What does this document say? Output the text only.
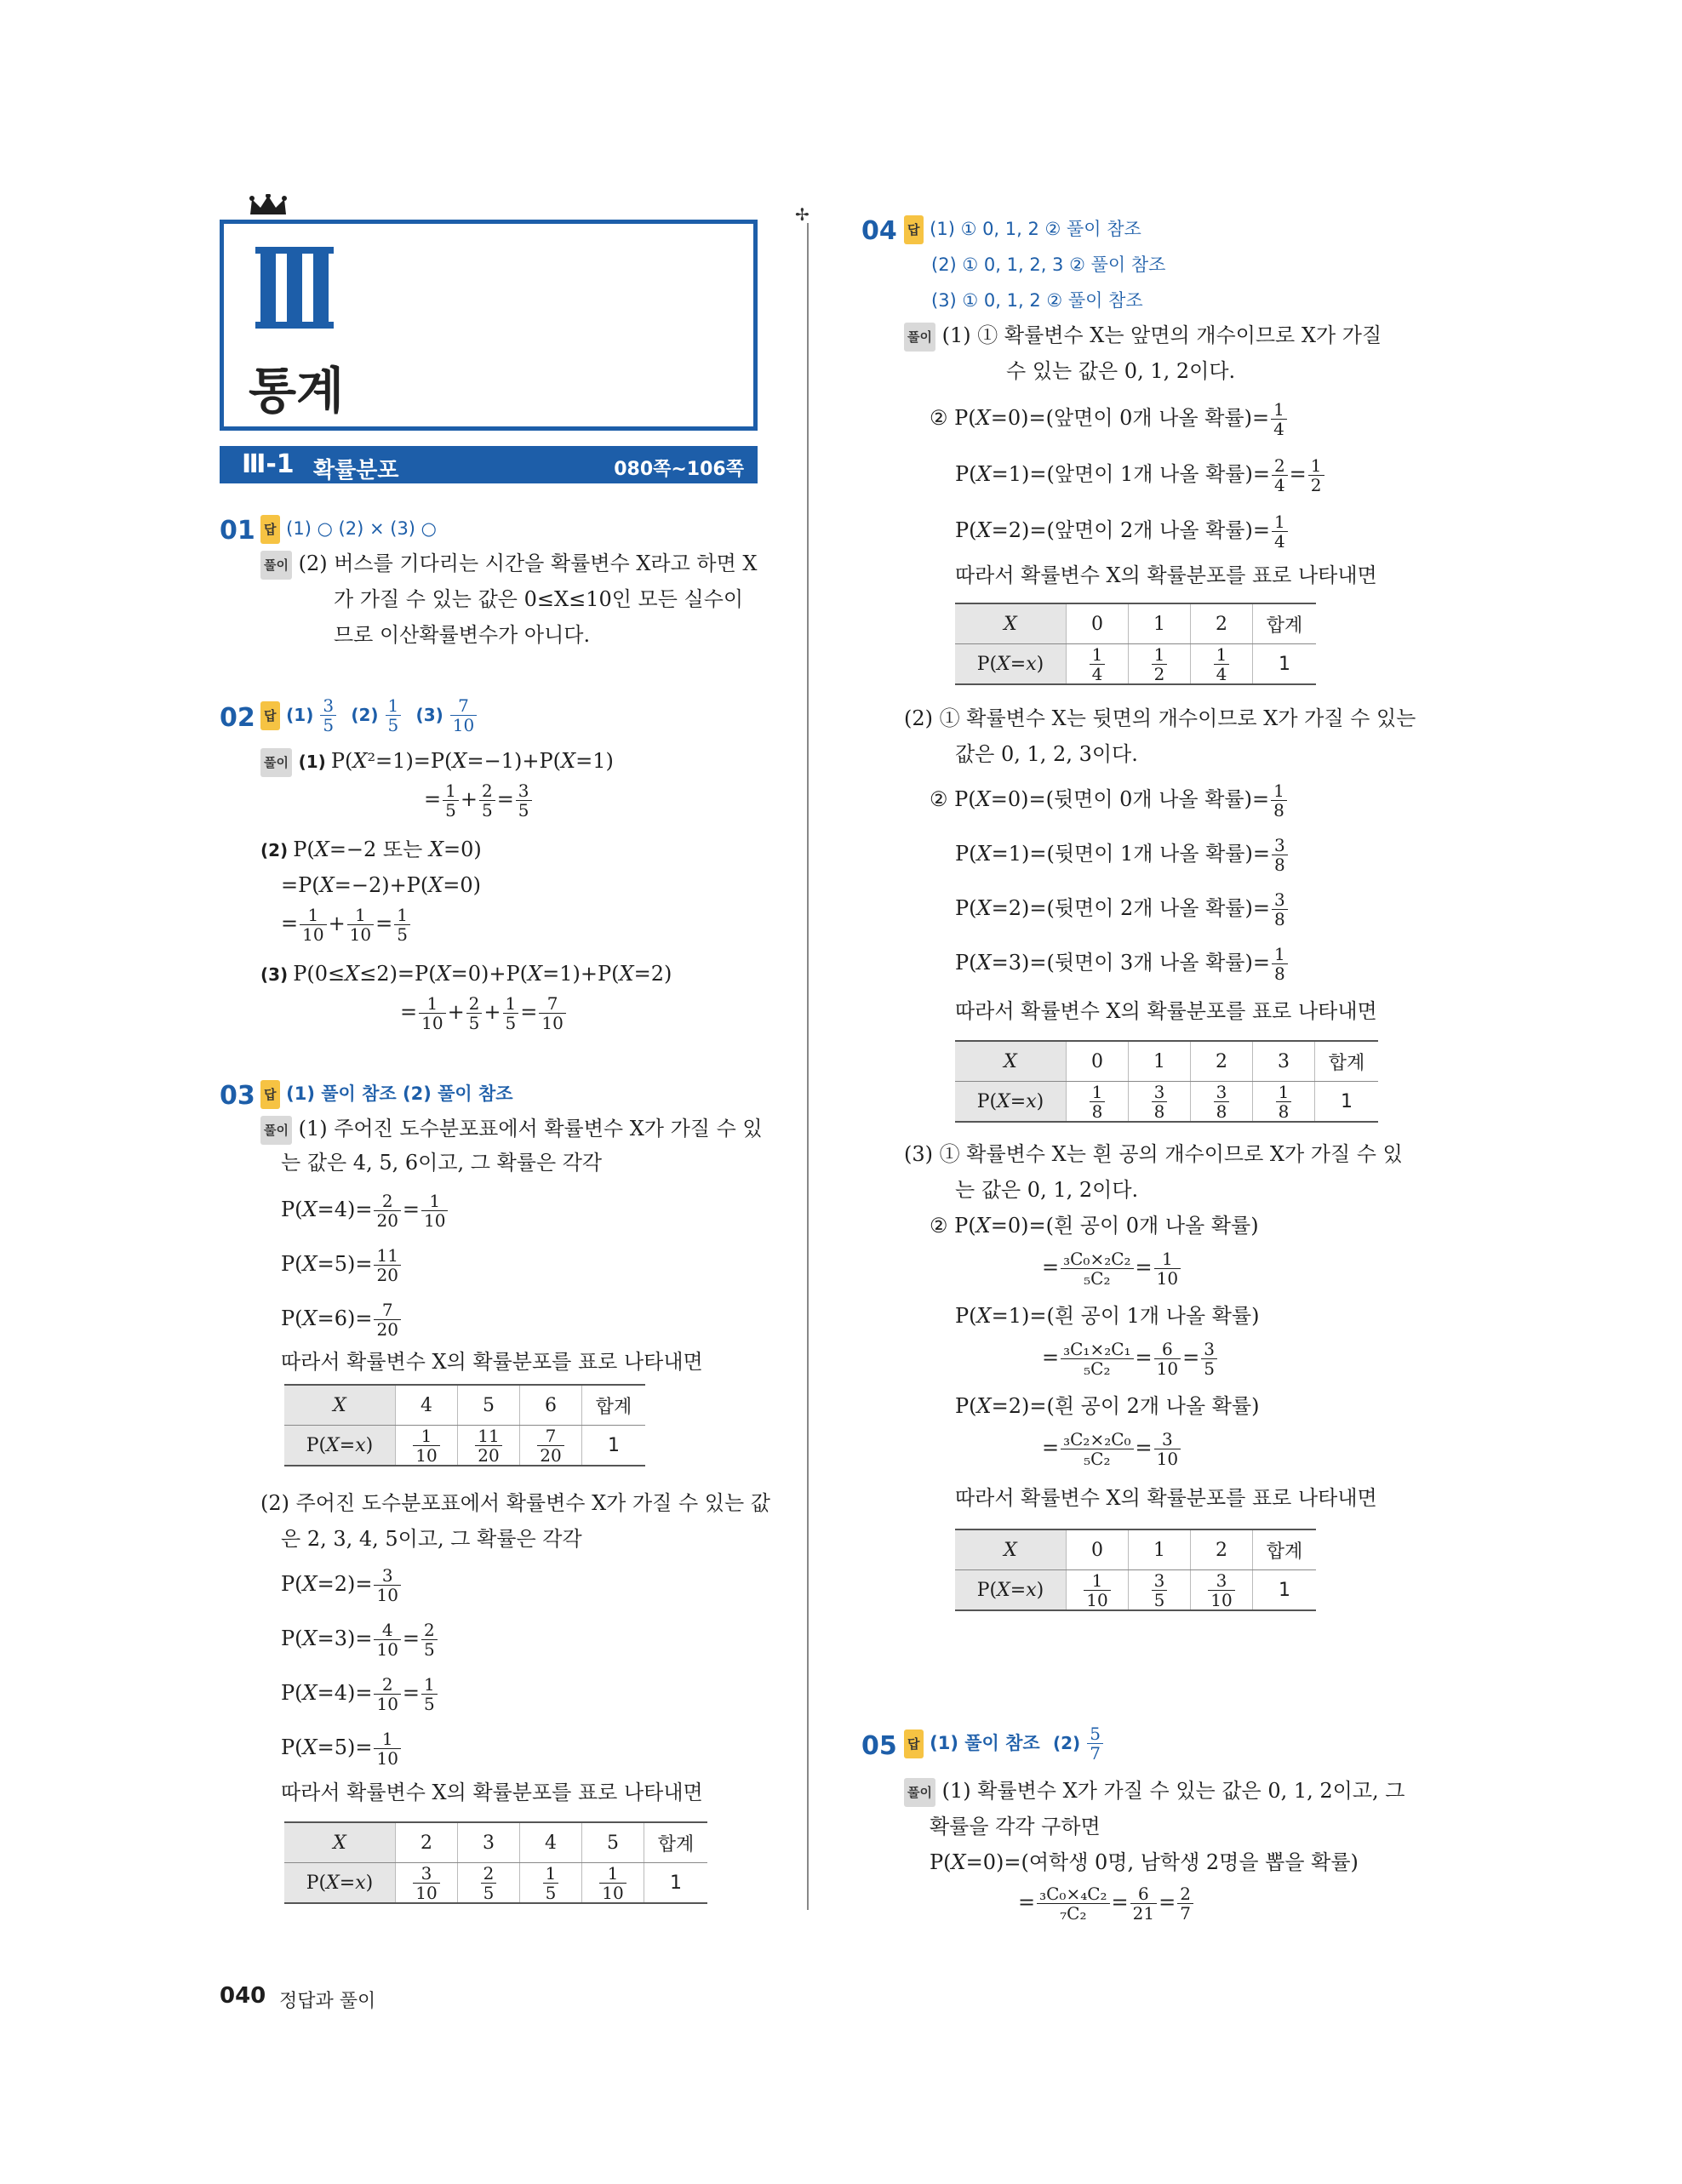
통계
Ⅲ-1 확률분포	080쪽~106쪽
✢
01 답 (1) ○ (2) × (3) ○
풀이 (2) 버스를 기다리는 시간을 확률변수 X라고 하면 X
가 가질 수 있는 값은 0≤X≤10인 모든 실수이
므로 이산확률변수가 아니다.
02 답 $(1) \frac{3}{5} (2) \frac{1}{5} (3) \frac{7}{10}$
풀이 (1) P(X²=1)=P(X=−1)+P(X=1)
= $\frac{1}{5} + \frac{2}{5} = \frac{3}{5}$
(2) P(X=−2 또는 X=0)
=P(X=−2)+P(X=0)
= $\frac{1}{10} + \frac{1}{10} = \frac{1}{5}$
(3) P(0≤X≤2)=P(X=0)+P(X=1)+P(X=2)
= $\frac{1}{10} + \frac{2}{5} + \frac{1}{5} = \frac{7}{10}$
03 답 (1) 풀이 참조 (2) 풀이 참조
풀이 (1) 주어진 도수분포표에서 확률변수 X가 가질 수 있
는 값은 4, 5, 6이고, 그 확률은 각각
$P(X=4)= \frac{2}{20} = \frac{1}{10}$
$P(X=5)= \frac{11}{20}$
$P(X=6)= \frac{7}{20}$
따라서 확률변수 X의 확률분포를 표로 나타내면
X	4	5	6	합계
P(X=x)	$\frac{1}{10}$	$\frac{11}{20}$	$\frac{7}{20}$	1
(2) 주어진 도수분포표에서 확률변수 X가 가질 수 있는 값
은 2, 3, 4, 5이고, 그 확률은 각각
$P(X=2)= \frac{3}{10}$
$P(X=3)= \frac{4}{10} = \frac{2}{5}$
$P(X=4)= \frac{2}{10} = \frac{1}{5}$
$P(X=5)= \frac{1}{10}$
따라서 확률변수 X의 확률분포를 표로 나타내면
X	2	3	4	5	합계
P(X=x)	$\frac{3}{10}$	$\frac{2}{5}$	$\frac{1}{5}$	$\frac{1}{10}$	1
04 답 (1) ① 0, 1, 2 ② 풀이 참조
(2) ① 0, 1, 2, 3 ② 풀이 참조
(3) ① 0, 1, 2 ② 풀이 참조
풀이 (1) ① 확률변수 X는 앞면의 개수이므로 X가 가질
수 있는 값은 0, 1, 2이다.
② P(X=0)=(앞면이 0개 나올 확률)= $\frac{1}{4}$
P(X=1)=(앞면이 1개 나올 확률)= $\frac{2}{4} = \frac{1}{2}$
P(X=2)=(앞면이 2개 나올 확률)= $\frac{1}{4}$
따라서 확률변수 X의 확률분포를 표로 나타내면
X	0	1	2	합계
P(X=x)	$\frac{1}{4}$	$\frac{1}{2}$	$\frac{1}{4}$	1
(2) ① 확률변수 X는 뒷면의 개수이므로 X가 가질 수 있는
값은 0, 1, 2, 3이다.
② P(X=0)=(뒷면이 0개 나올 확률)= $\frac{1}{8}$
P(X=1)=(뒷면이 1개 나올 확률)= $\frac{3}{8}$
P(X=2)=(뒷면이 2개 나올 확률)= $\frac{3}{8}$
P(X=3)=(뒷면이 3개 나올 확률)= $\frac{1}{8}$
따라서 확률변수 X의 확률분포를 표로 나타내면
X	0	1	2	3	합계
P(X=x)	$\frac{1}{8}$	$\frac{3}{8}$	$\frac{3}{8}$	$\frac{1}{8}$	1
(3) ① 확률변수 X는 흰 공의 개수이므로 X가 가질 수 있
는 값은 0, 1, 2이다.
② P(X=0)=(흰 공이 0개 나올 확률)
= $\frac{\text{₃C₀×₂C₂}}{\text{₅C₂}} = \frac{1}{10}$
P(X=1)=(흰 공이 1개 나올 확률)
= $\frac{\text{₃C₁×₂C₁}}{\text{₅C₂}} = \frac{6}{10} = \frac{3}{5}$
P(X=2)=(흰 공이 2개 나올 확률)
= $\frac{\text{₃C₂×₂C₀}}{\text{₅C₂}} = \frac{3}{10}$
따라서 확률변수 X의 확률분포를 표로 나타내면
X	0	1	2	합계
P(X=x)	$\frac{1}{10}$	$\frac{3}{5}$	$\frac{3}{10}$	1
05 답 (1) 풀이 참조 $(2) \frac{5}{7}$
풀이 (1) 확률변수 X가 가질 수 있는 값은 0, 1, 2이고, 그
확률을 각각 구하면
P(X=0)=(여학생 0명, 남학생 2명을 뽑을 확률)
= $\frac{\text{₃C₀×₄C₂}}{\text{₇C₂}} = \frac{6}{21} = \frac{2}{7}$
040 정답과 풀이
